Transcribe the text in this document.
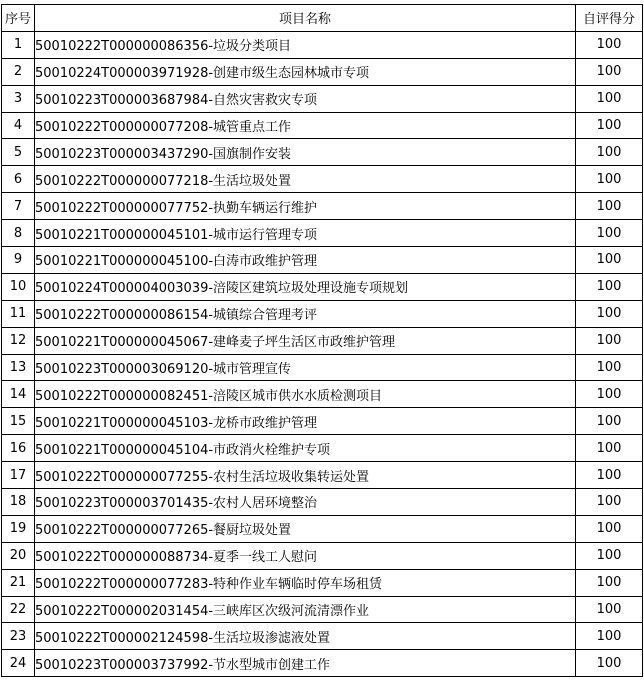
序号	项目名称	自评得分
1	50010222T000000086356-垃圾分类项目	100
2	50010224T000003971928-创建市级生态园林城市专项	100
3	50010223T000003687984-自然灾害救灾专项	100
4	50010222T000000077208-城管重点工作	100
5	50010223T000003437290-国旗制作安装	100
6	50010222T000000077218-生活垃圾处置	100
7	50010222T000000077752-执勤车辆运行维护	100
8	50010221T000000045101-城市运行管理专项	100
9	50010221T000000045100-白涛市政维护管理	100
10	50010224T000004003039-涪陵区建筑垃圾处理设施专项规划	100
11	50010222T000000086154-城镇综合管理考评	100
12	50010221T000000045067-建峰麦子坪生活区市政维护管理	100
13	50010223T000003069120-城市管理宣传	100
14	50010222T000000082451-涪陵区城市供水水质检测项目	100
15	50010221T000000045103-龙桥市政维护管理	100
16	50010221T000000045104-市政消火栓维护专项	100
17	50010222T000000077255-农村生活垃圾收集转运处置	100
18	50010223T000003701435-农村人居环境整治	100
19	50010222T000000077265-餐厨垃圾处置	100
20	50010222T000000088734-夏季一线工人慰问	100
21	50010222T000000077283-特种作业车辆临时停车场租赁	100
22	50010222T000002031454-三峡库区次级河流清漂作业	100
23	50010222T000002124598-生活垃圾渗滤液处置	100
24	50010223T000003737992-节水型城市创建工作	100
